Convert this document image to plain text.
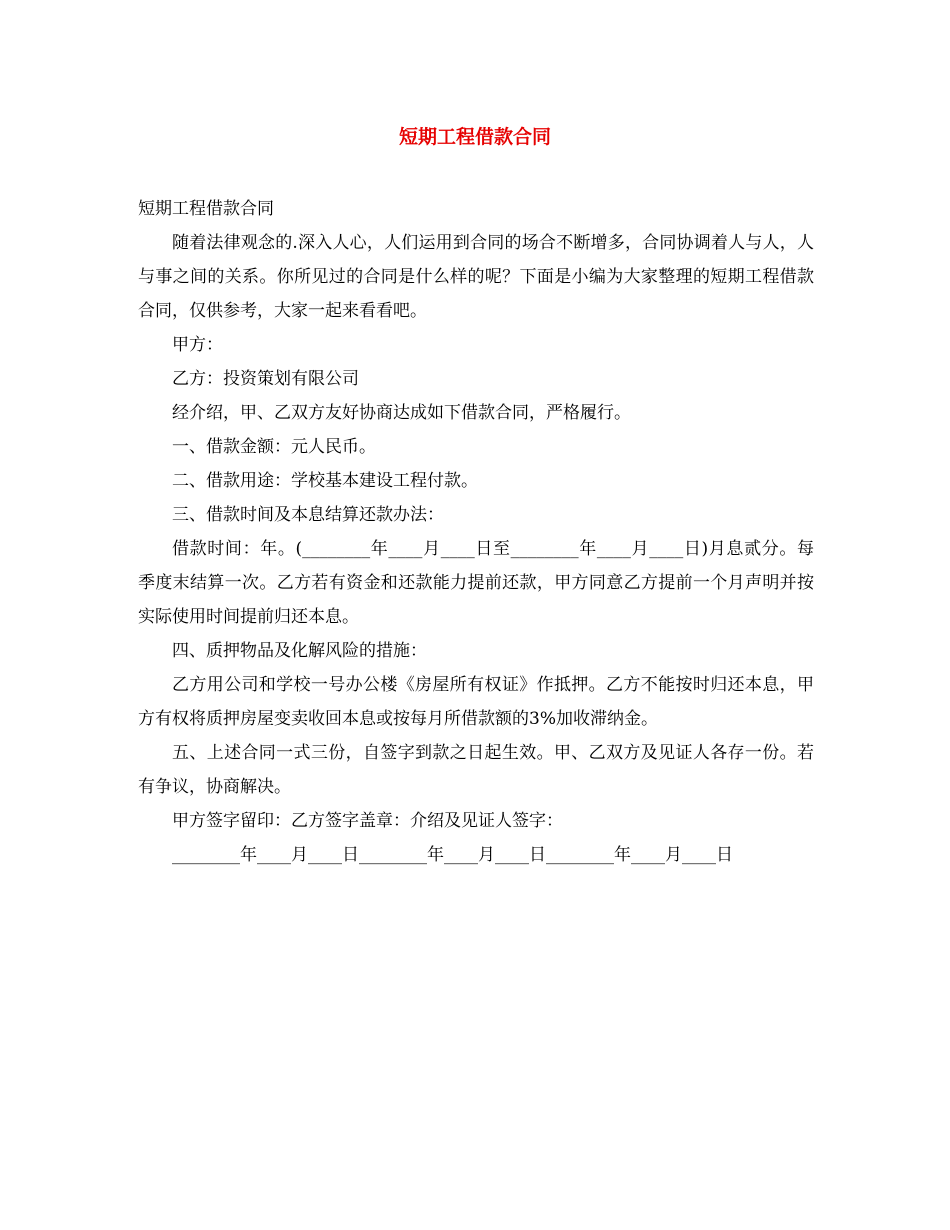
短期工程借款合同

短期工程借款合同

随着法律观念的.深入人心，人们运用到合同的场合不断增多，合同协调着人与人，人与事之间的关系。你所见过的合同是什么样的呢？下面是小编为大家整理的短期工程借款合同，仅供参考，大家一起来看看吧。

甲方：

乙方：投资策划有限公司

经介绍，甲、乙双方友好协商达成如下借款合同，严格履行。

一、借款金额：元人民币。

二、借款用途：学校基本建设工程付款。

三、借款时间及本息结算还款办法：

借款时间：年。(________年____月____日至________年____月____日)月息贰分。每季度末结算一次。乙方若有资金和还款能力提前还款，甲方同意乙方提前一个月声明并按实际使用时间提前归还本息。

四、质押物品及化解风险的措施：

乙方用公司和学校一号办公楼《房屋所有权证》作抵押。乙方不能按时归还本息，甲方有权将质押房屋变卖收回本息或按每月所借款额的3%加收滞纳金。

五、上述合同一式三份，自签字到款之日起生效。甲、乙双方及见证人各存一份。若有争议，协商解决。

甲方签字留印：乙方签字盖章：介绍及见证人签字：

________年____月____日________年____月____日________年____月____日
